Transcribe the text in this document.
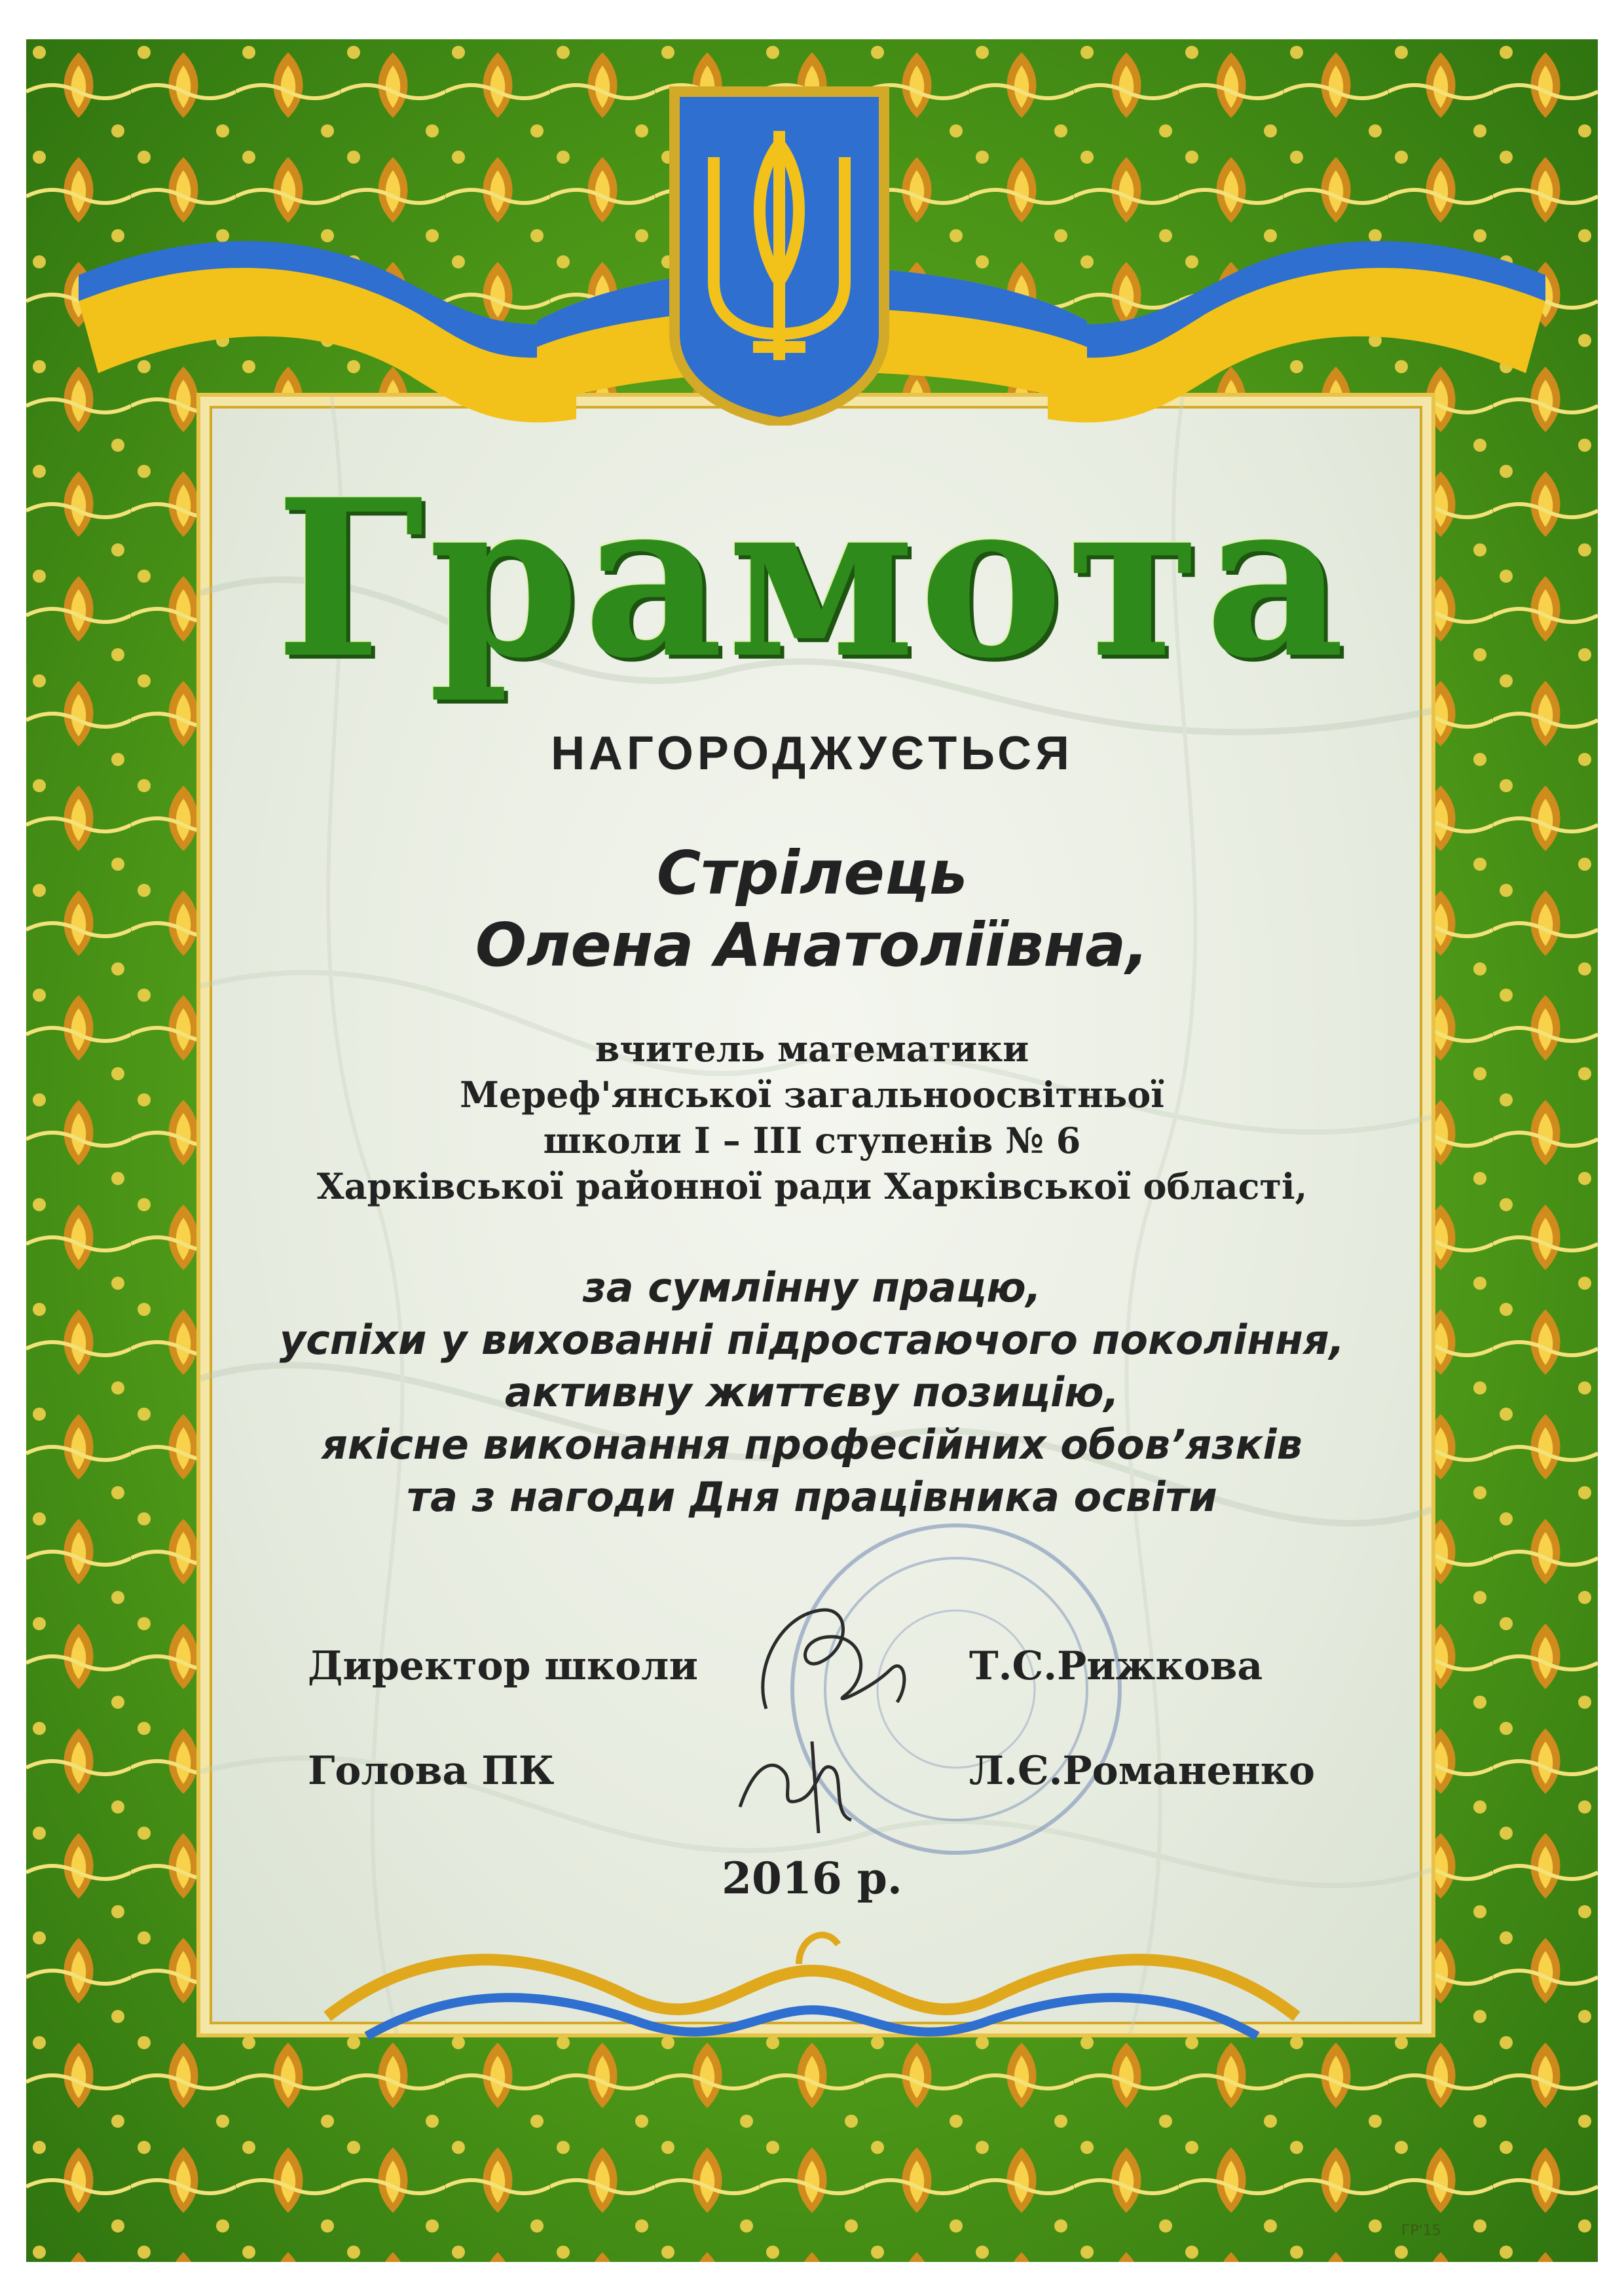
Грамота
НАГОРОДЖУЄТЬСЯ
Стрілець
Олена Анатоліївна,
вчитель математики
Мереф'янської загальноосвітньої
школи І – ІІІ ступенів № 6
Харківської районної ради Харківської області,
за сумлінну працю,
успіхи у вихованні підростаючого покоління,
активну життєву позицію,
якісне виконання професійних обов’язків
та з нагоди Дня працівника освіти
Директор школи	Т.С.Рижкова
Голова ПК	Л.Є.Романенко
2016 р.
ГР'15
